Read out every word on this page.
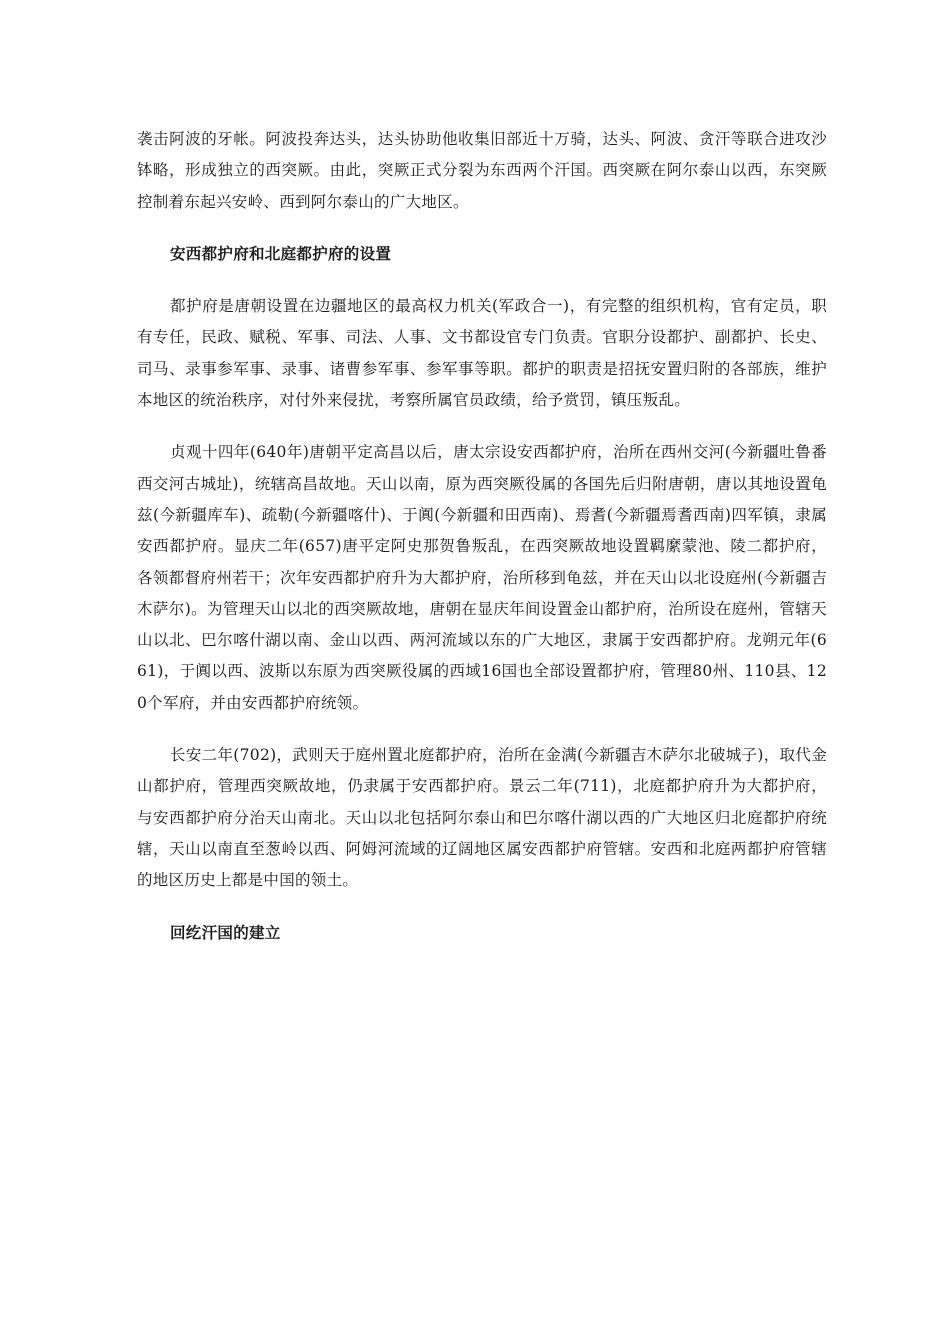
袭击阿波的牙帐。阿波投奔达头，达头协助他收集旧部近十万骑，达头、阿波、贪汗等联合进攻沙钵略，形成独立的西突厥。由此，突厥正式分裂为东西两个汗国。西突厥在阿尔泰山以西，东突厥控制着东起兴安岭、西到阿尔泰山的广大地区。

安西都护府和北庭都护府的设置

都护府是唐朝设置在边疆地区的最高权力机关(军政合一)，有完整的组织机构，官有定员，职有专任，民政、赋税、军事、司法、人事、文书都设官专门负责。官职分设都护、副都护、长史、司马、录事参军事、录事、诸曹参军事、参军事等职。都护的职责是招抚安置归附的各部族，维护本地区的统治秩序，对付外来侵扰，考察所属官员政绩，给予赏罚，镇压叛乱。

贞观十四年(640年)唐朝平定高昌以后，唐太宗设安西都护府，治所在西州交河(今新疆吐鲁番西交河古城址)，统辖高昌故地。天山以南，原为西突厥役属的各国先后归附唐朝，唐以其地设置龟兹(今新疆库车)、疏勒(今新疆喀什)、于阗(今新疆和田西南)、焉耆(今新疆焉耆西南)四军镇，隶属安西都护府。显庆二年(657)唐平定阿史那贺鲁叛乱，在西突厥故地设置羁縻蒙池、陵二都护府，各领都督府州若干；次年安西都护府升为大都护府，治所移到龟兹，并在天山以北设庭州(今新疆吉木萨尔)。为管理天山以北的西突厥故地，唐朝在显庆年间设置金山都护府，治所设在庭州，管辖天山以北、巴尔喀什湖以南、金山以西、两河流域以东的广大地区，隶属于安西都护府。龙朔元年(661)，于阗以西、波斯以东原为西突厥役属的西域16国也全部设置都护府，管理80州、110县、120个军府，并由安西都护府统领。

长安二年(702)，武则天于庭州置北庭都护府，治所在金满(今新疆吉木萨尔北破城子)，取代金山都护府，管理西突厥故地，仍隶属于安西都护府。景云二年(711)，北庭都护府升为大都护府，与安西都护府分治天山南北。天山以北包括阿尔泰山和巴尔喀什湖以西的广大地区归北庭都护府统辖，天山以南直至葱岭以西、阿姆河流域的辽阔地区属安西都护府管辖。安西和北庭两都护府管辖的地区历史上都是中国的领土。

回纥汗国的建立
